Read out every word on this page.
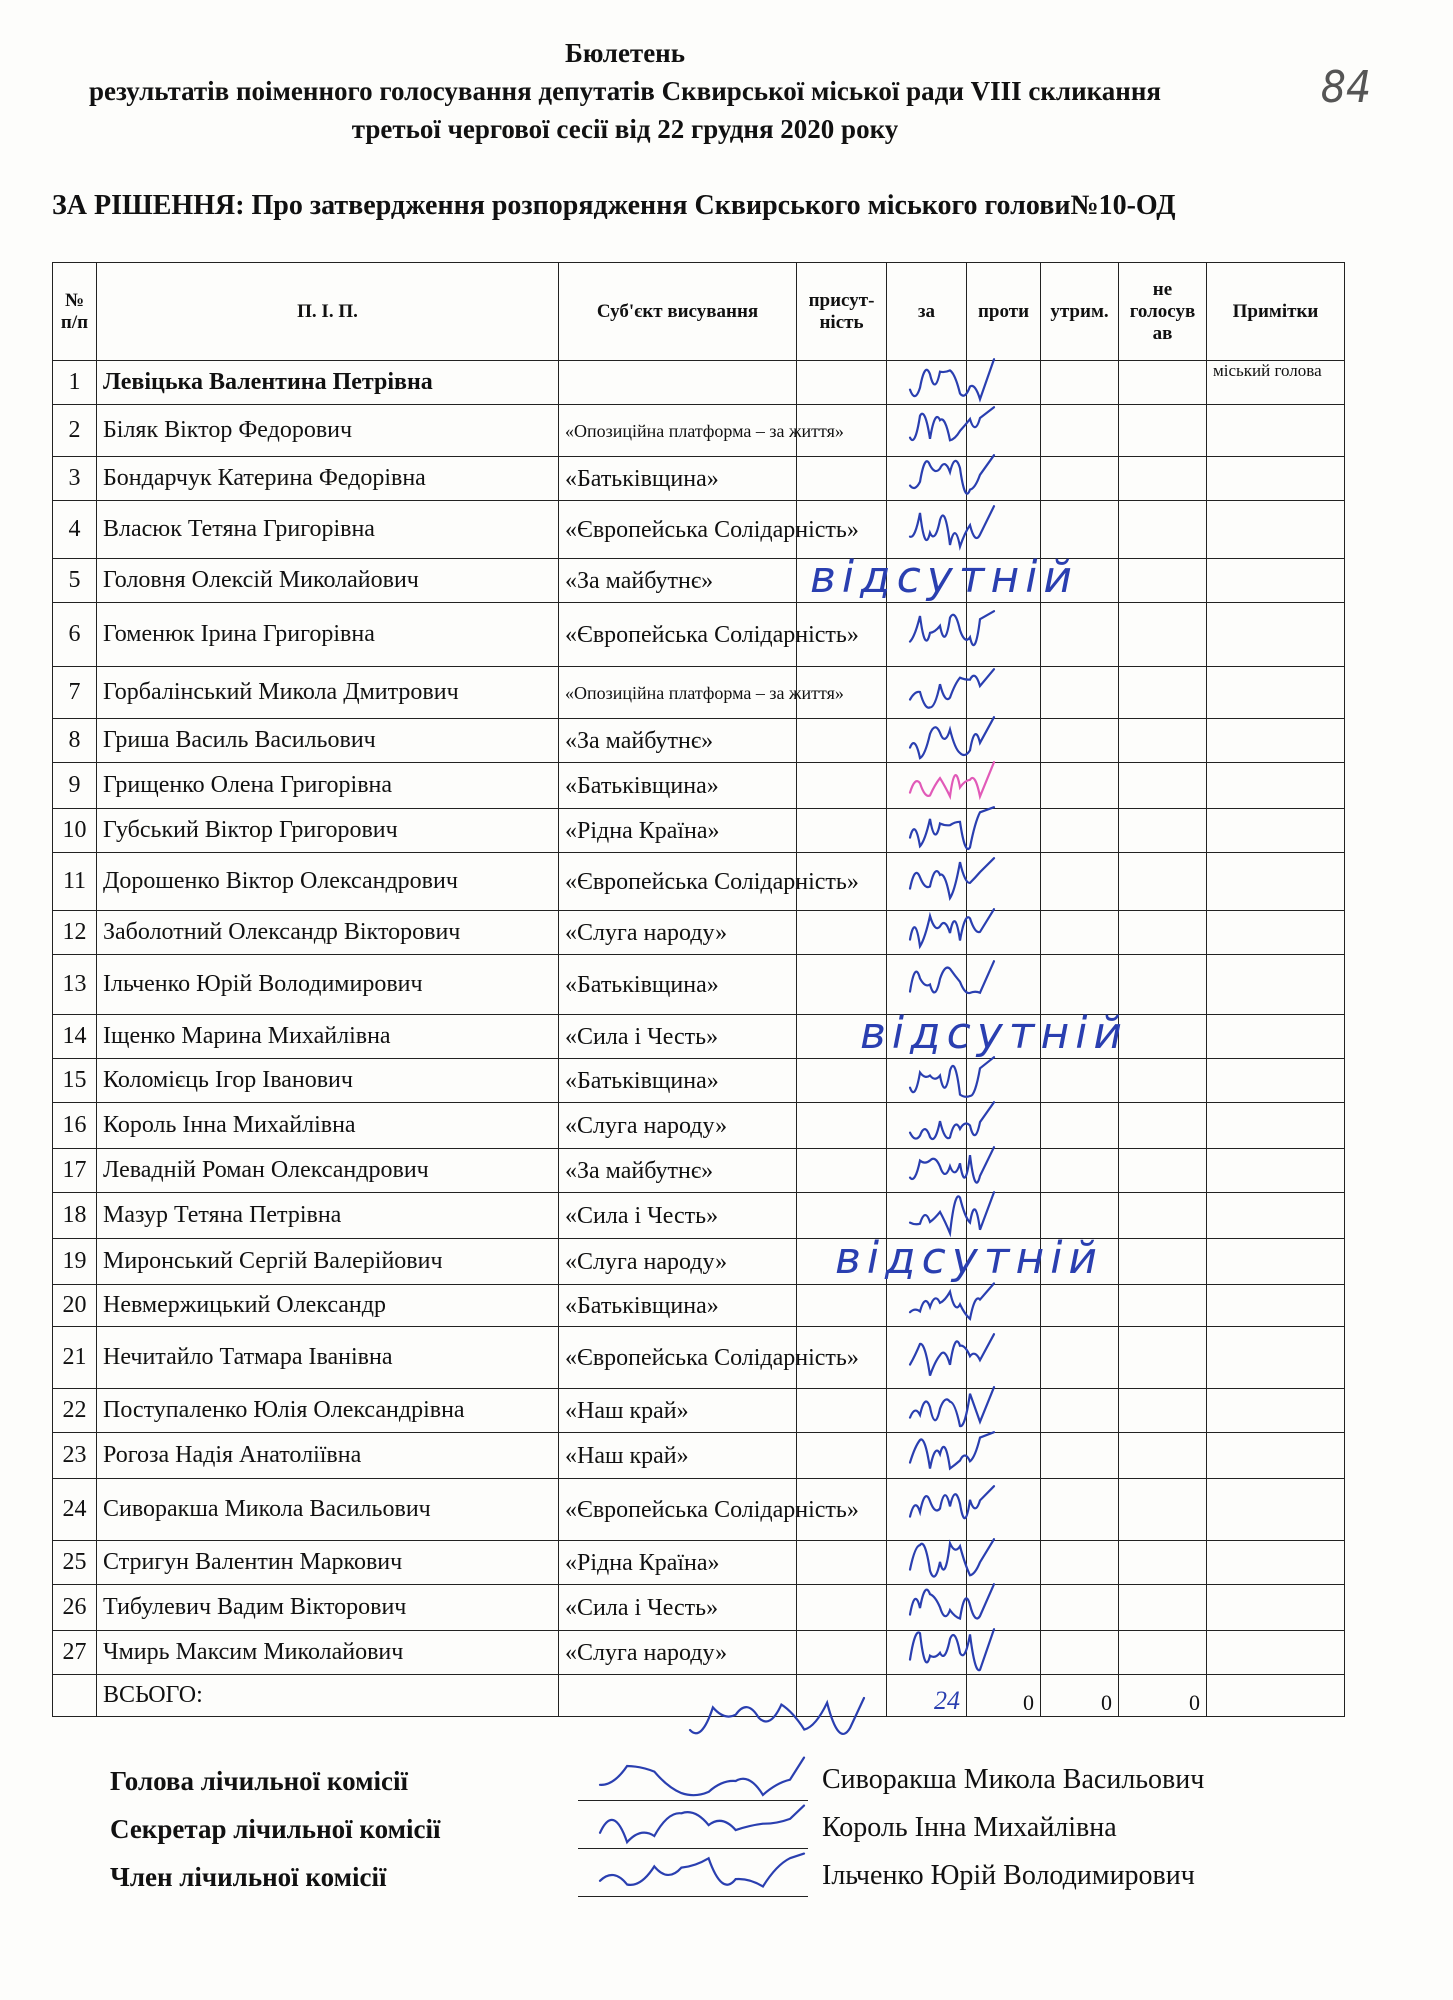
Бюлетень
результатів поіменного голосування депутатів Сквирської міської ради VIII скликання
третьої чергової сесії від 22 грудня 2020 року
84
ЗА РІШЕННЯ: Про затвердження розпорядження Сквирського міського голови№10-ОД
№ п/п	П. І. П.	Суб'єкт висування	присут-ність	за	проти	утрим.	не голосув ав	Примітки
1	Левіцька Валентина Петрівна							міський голова
2	Біляк Віктор Федорович	«Опозиційна платформа – за життя»						
3	Бондарчук Катерина Федорівна	«Батьківщина»						
4	Власюк Тетяна Григорівна	«Європейська Солідарність»						
5	Головня Олексій Миколайович	«За майбутнє»						
6	Гоменюк Ірина Григорівна	«Європейська Солідарність»						
7	Горбалінський Микола Дмитрович	«Опозиційна платформа – за життя»						
8	Гриша Василь Васильович	«За майбутнє»						
9	Грищенко Олена Григорівна	«Батьківщина»						
10	Губський Віктор Григорович	«Рідна Країна»						
11	Дорошенко Віктор Олександрович	«Європейська Солідарність»						
12	Заболотний Олександр Вікторович	«Слуга народу»						
13	Ільченко Юрій Володимирович	«Батьківщина»						
14	Іщенко Марина Михайлівна	«Сила і Честь»						
15	Коломієць Ігор Іванович	«Батьківщина»						
16	Король Інна Михайлівна	«Слуга народу»						
17	Левадній Роман Олександрович	«За майбутнє»						
18	Мазур Тетяна Петрівна	«Сила і Честь»						
19	Миронський Сергій Валерійович	«Слуга народу»						
20	Невмержицький Олександр	«Батьківщина»						
21	Нечитайло Татмара Іванівна	«Європейська Солідарність»						
22	Поступаленко Юлія Олександрівна	«Наш край»						
23	Рогоза Надія Анатоліївна	«Наш край»						
24	Сиворакша Микола Васильович	«Європейська Солідарність»						
25	Стригун Валентин Маркович	«Рідна Країна»						
26	Тибулевич Вадим Вікторович	«Сила і Честь»						
27	Чмирь Максим Миколайович	«Слуга народу»						
	ВСЬОГО:			24	0	0	0	
Голова лічильної комісії	Сиворакша Микола Васильович
Секретар лічильної комісії	Король Інна Михайлівна
Член лічильної комісії	Ільченко Юрій Володимирович
відсутній
відсутній
відсутній
